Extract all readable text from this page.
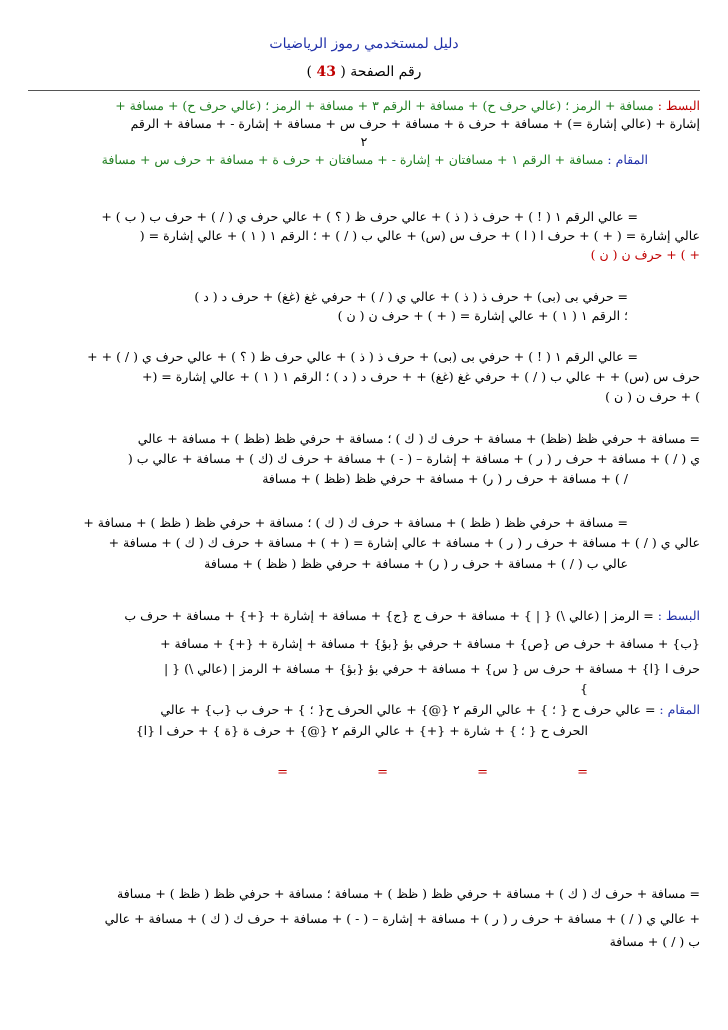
دليل لمستخدمي رموز الرياضيات
رقم الصفحة ( 43 )
البسط : مسافة + الرمز ؛ (عالي حرف ح) + مسافة + الرقم ٣ + مسافة + الرمز ؛ (عالي حرف ح) + مسافة +
إشارة + (عالي إشارة =) + مسافة + حرف ة + مسافة + حرف س + مسافة + إشارة - + مسافة + الرقم
٢
المقام : مسافة + الرقم ١ + مسافتان + إشارة - + مسافتان + حرف ة + مسافة + حرف س + مسافة
= عالي الرقم ١ ( ! ) + حرف ذ ( ذ ) + عالي حرف ظ ( ؟ ) + عالي حرف ي ( / ) + حرف ب ( ب ) +
عالي إشارة = ( + ) + حرف ا ( ا ) + حرف س (س) + عالي ب ( / ) + ؛ الرقم ١ ( ١ ) + عالي إشارة = (
+ ) + حرف ن ( ن )
= حرفي بى (بى) + حرف ذ ( ذ ) + عالي ي ( / ) + حرفي غغ (غغ) + حرف د ( د )
؛ الرقم ١ ( ١ ) + عالي إشارة = ( + ) + حرف ن ( ن )
= عالي الرقم ١ ( ! ) + حرفي بى (بى) + حرف ذ ( ذ ) + عالي حرف ظ ( ؟ ) + عالي حرف ي ( / ) + +
حرف س (س) + + عالي ب ( / ) + حرفي غغ (غغ) + + حرف د ( د ) ؛ الرقم ١ ( ١ ) + عالي إشارة = (+
) + حرف ن ( ن )
= مسافة + حرفي ظظ (ظظ) + مسافة + حرف ك ( ك ) ؛ مسافة + حرفي ظظ (ظظ ) + مسافة + عالي
ي ( / ) + مسافة + حرف ر ( ر ) + مسافة + إشارة – ( - ) + مسافة + حرف ك (ك ) + مسافة + عالي ب (
/ ) + مسافة + حرف ر ( ر) + مسافة + حرفي ظظ (ظظ ) + مسافة
= مسافة + حرفي ظظ ( ظظ ) + مسافة + حرف ك ( ك ) ؛ مسافة + حرفي ظظ ( ظظ ) + مسافة +
عالي ي ( / ) + مسافة + حرف ر ( ر ) + مسافة + عالي إشارة = ( + ) + مسافة + حرف ك ( ك ) + مسافة +
عالي ب ( / ) + مسافة + حرف ر ( ر) + مسافة + حرفي ظظ ( ظظ ) + مسافة
البسط : = الرمز | (عالي \) { | } + مسافة + حرف ج {ج} + مسافة + إشارة + {+} + مسافة + حرف ب
{ب} + مسافة + حرف ص {ص} + مسافة + حرفي بؤ {بؤ} + مسافة + إشارة + {+} + مسافة +
حرف ا {ا} + مسافة + حرف س { س} + مسافة + حرفي بؤ {بؤ} + مسافة + الرمز | (عالي \) { |
}
المقام : = عالي حرف ح { ؛ } + عالي الرقم ٢ {@} + عالي الحرف ح{ ؛ } + حرف ب {ب} + عالي
الحرف ح { ؛ } + شارة + {+} + عالي الرقم ٢ {@} + حرف ة {ة } + حرف ا {ا}
=
=
=
=
= مسافة + حرف ك ( ك ) + مسافة + حرفي ظظ ( ظظ ) + مسافة ؛ مسافة + حرفي ظظ ( ظظ ) + مسافة
+ عالي ي ( / ) + مسافة + حرف ر ( ر ) + مسافة + إشارة – ( - ) + مسافة + حرف ك ( ك ) + مسافة + عالي
ب ( / ) + مسافة
